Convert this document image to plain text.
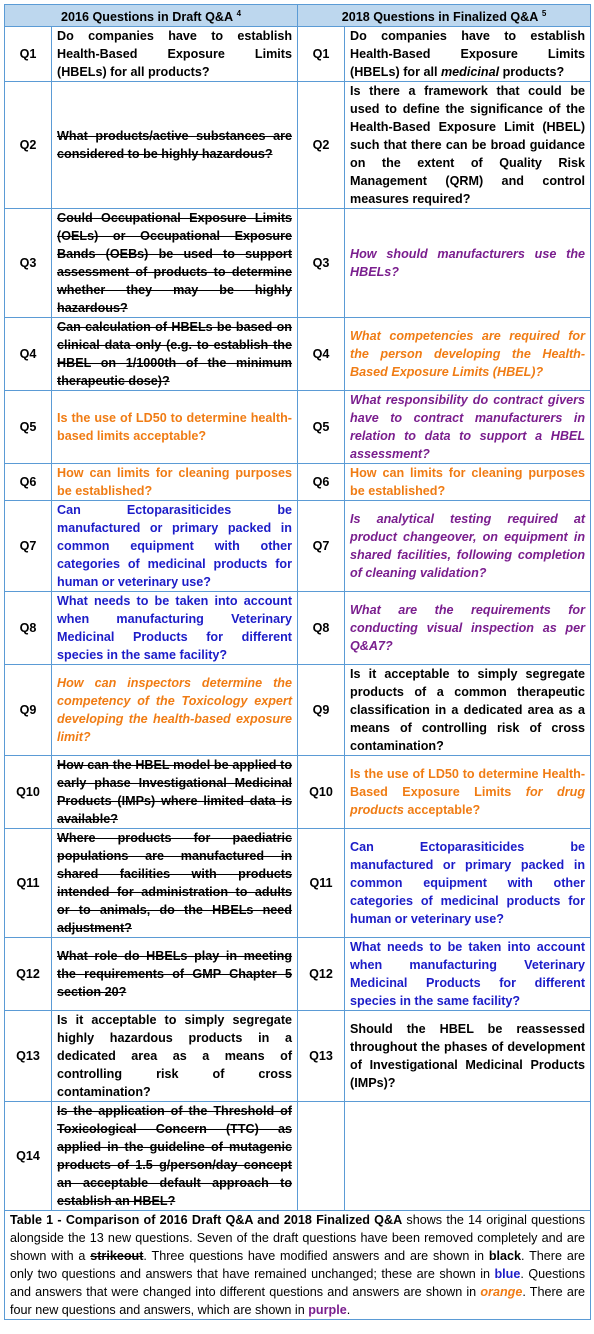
2016 Questions in Draft Q&A $^4$		2018 Questions in Finalized Q&A $^5$
Q1	Do companies have to establish Health-Based Exposure Limits (HBELs) for all products?	Q1	Do companies have to establish Health-Based Exposure Limits (HBELs) for all medicinal products?
Q2	What products/active substances are considered to be highly hazardous?	Q2	Is there a framework that could be used to define the significance of the Health-Based Exposure Limit (HBEL) such that there can be broad guidance on the extent of Quality Risk Management (QRM) and control measures required?
Q3	Could Occupational Exposure Limits (OELs) or Occupational Exposure Bands (OEBs) be used to support assessment of products to determine whether they may be highly hazardous?	Q3	How should manufacturers use the HBELs?
Q4	Can calculation of HBELs be based on clinical data only (e.g. to establish the HBEL on 1/1000th of the minimum therapeutic dose)?	Q4	What competencies are required for the person developing the Health-Based Exposure Limits (HBEL)?
Q5	Is the use of LD50 to determine health-based limits acceptable?	Q5	What responsibility do contract givers have to contract manufacturers in relation to data to support a HBEL assessment?
Q6	How can limits for cleaning purposes be established?	Q6	How can limits for cleaning purposes be established?
Q7	Can Ectoparasiticides be manufactured or primary packed in common equipment with other categories of medicinal products for human or veterinary use?	Q7	Is analytical testing required at product changeover, on equipment in shared facilities, following completion of cleaning validation?
Q8	What needs to be taken into account when manufacturing Veterinary Medicinal Products for different species in the same facility?	Q8	What are the requirements for conducting visual inspection as per Q&A7?
Q9	How can inspectors determine the competency of the Toxicology expert developing the health-based exposure limit?	Q9	Is it acceptable to simply segregate products of a common therapeutic classification in a dedicated area as a means of controlling risk of cross contamination?
Q10	How can the HBEL model be applied to early phase Investigational Medicinal Products (IMPs) where limited data is available?	Q10	Is the use of LD50 to determine Health-Based Exposure Limits for drug products acceptable?
Q11	Where products for paediatric populations are manufactured in shared facilities with products intended for administration to adults or to animals, do the HBELs need adjustment?	Q11	Can Ectoparasiticides be manufactured or primary packed in common equipment with other categories of medicinal products for human or veterinary use?
Q12	What role do HBELs play in meeting the requirements of GMP Chapter 5 section 20?	Q12	What needs to be taken into account when manufacturing Veterinary Medicinal Products for different species in the same facility?
Q13	Is it acceptable to simply segregate highly hazardous products in a dedicated area as a means of controlling risk of cross contamination?	Q13	Should the HBEL be reassessed throughout the phases of development of Investigational Medicinal Products (IMPs)?
Q14	Is the application of the Threshold of Toxicological Concern (TTC) as applied in the guideline of mutagenic products of 1.5 g/person/day concept an acceptable default approach to establish an HBEL?		
Table 1 - Comparison of 2016 Draft Q&A and 2018 Finalized Q&A shows the 14 original questions alongside the 13 new questions. Seven of the draft questions have been removed completely and are shown with a strikeout. Three questions have modified answers and are shown in black. There are only two questions and answers that have remained unchanged; these are shown in blue. Questions and answers that were changed into different questions and answers are shown in orange. There are four new questions and answers, which are shown in purple.			
